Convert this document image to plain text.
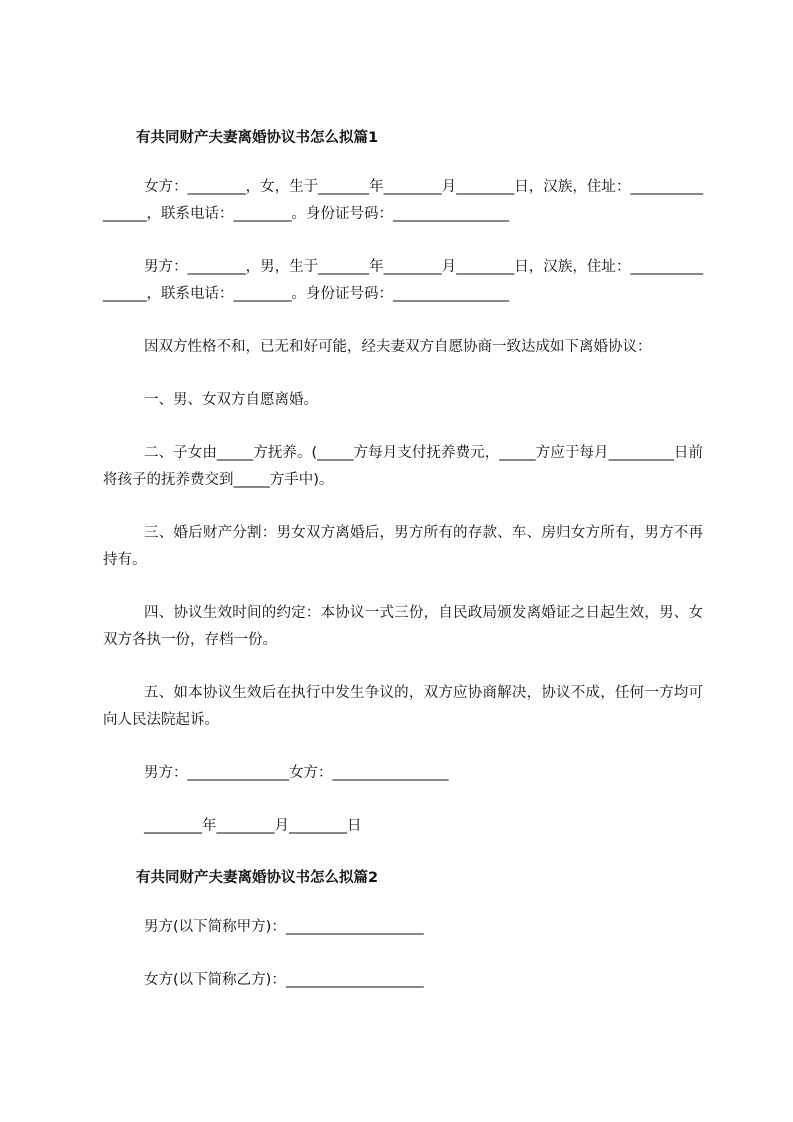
有共同财产夫妻离婚协议书怎么拟篇1

女方：________，女，生于_______年________月________日，汉族，住址：________________，联系电话：________。身份证号码：________________

男方：________，男，生于_______年________月________日，汉族，住址：________________，联系电话：________。身份证号码：________________

因双方性格不和，已无和好可能，经夫妻双方自愿协商一致达成如下离婚协议：

一、男、女双方自愿离婚。

二、子女由_____方抚养。(_____方每月支付抚养费元，_____方应于每月_________日前将孩子的抚养费交到_____方手中)。

三、婚后财产分割：男女双方离婚后，男方所有的存款、车、房归女方所有，男方不再持有。

四、协议生效时间的约定：本协议一式三份，自民政局颁发离婚证之日起生效，男、女双方各执一份，存档一份。

五、如本协议生效后在执行中发生争议的，双方应协商解决，协议不成，任何一方均可向人民法院起诉。

男方：______________女方：________________

________年________月________日

有共同财产夫妻离婚协议书怎么拟篇2

男方(以下简称甲方)：___________________

女方(以下简称乙方)：___________________
